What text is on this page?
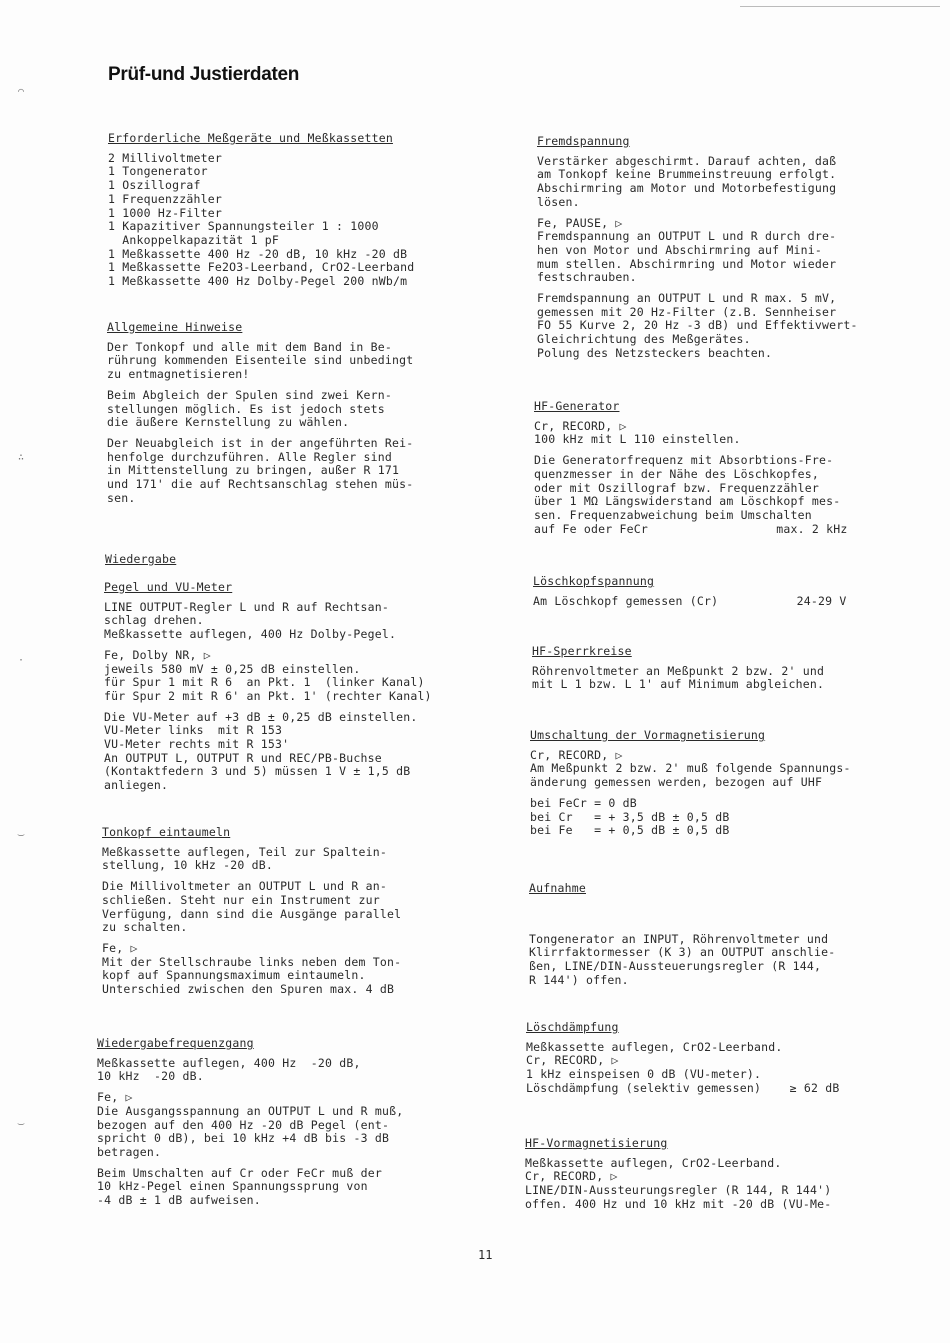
⌒
∴
·
‿
‿
Prüf-und Justierdaten
Erforderliche Meßgeräte und Meßkassetten
2 Millivoltmeter
1 Tongenerator
1 Oszillograf
1 Frequenzzähler
1 1000 Hz-Filter
1 Kapazitiver Spannungsteiler 1 : 1000
Ankoppelkapazität 1 pF
1 Meßkassette 400 Hz -20 dB, 10 kHz -20 dB
1 Meßkassette Fe2O3-Leerband, CrO2-Leerband
1 Meßkassette 400 Hz Dolby-Pegel 200 nWb/m
Allgemeine Hinweise
Der Tonkopf und alle mit dem Band in Be-
rührung kommenden Eisenteile sind unbedingt
zu entmagnetisieren!
Beim Abgleich der Spulen sind zwei Kern-
stellungen möglich. Es ist jedoch stets
die äußere Kernstellung zu wählen.
Der Neuabgleich ist in der angeführten Rei-
henfolge durchzuführen. Alle Regler sind
in Mittenstellung zu bringen, außer R 171
und 171' die auf Rechtsanschlag stehen müs-
sen.
Wiedergabe
Pegel und VU-Meter
LINE OUTPUT-Regler L und R auf Rechtsan-
schlag drehen.
Meßkassette auflegen, 400 Hz Dolby-Pegel.
Fe, Dolby NR, ▷
jeweils 580 mV ± 0,25 dB einstellen.
für Spur 1 mit R 6  an Pkt. 1  (linker Kanal)
für Spur 2 mit R 6' an Pkt. 1' (rechter Kanal)
Die VU-Meter auf +3 dB ± 0,25 dB einstellen.
VU-Meter links  mit R 153
VU-Meter rechts mit R 153'
An OUTPUT L, OUTPUT R und REC/PB-Buchse
(Kontaktfedern 3 und 5) müssen 1 V ± 1,5 dB
anliegen.
Tonkopf eintaumeln
Meßkassette auflegen, Teil zur Spaltein-
stellung, 10 kHz -20 dB.
Die Millivoltmeter an OUTPUT L und R an-
schließen. Steht nur ein Instrument zur
Verfügung, dann sind die Ausgänge parallel
zu schalten.
Fe, ▷
Mit der Stellschraube links neben dem Ton-
kopf auf Spannungsmaximum eintaumeln.
Unterschied zwischen den Spuren max. 4 dB
Wiedergabefrequenzgang
Meßkassette auflegen, 400 Hz  -20 dB,
10 kHz  -20 dB.
Fe, ▷
Die Ausgangsspannung an OUTPUT L und R muß,
bezogen auf den 400 Hz -20 dB Pegel (ent-
spricht 0 dB), bei 10 kHz +4 dB bis -3 dB
betragen.
Beim Umschalten auf Cr oder FeCr muß der
10 kHz-Pegel einen Spannungssprung von
-4 dB ± 1 dB aufweisen.
Fremdspannung
Verstärker abgeschirmt. Darauf achten, daß
am Tonkopf keine Brummeinstreuung erfolgt.
Abschirmring am Motor und Motorbefestigung
lösen.
Fe, PAUSE, ▷
Fremdspannung an OUTPUT L und R durch dre-
hen von Motor und Abschirmring auf Mini-
mum stellen. Abschirmring und Motor wieder
festschrauben.
Fremdspannung an OUTPUT L und R max. 5 mV,
gemessen mit 20 Hz-Filter (z.B. Sennheiser
FO 55 Kurve 2, 20 Hz -3 dB) und Effektivwert-
Gleichrichtung des Meßgerätes.
Polung des Netzsteckers beachten.
HF-Generator
Cr, RECORD, ▷
100 kHz mit L 110 einstellen.
Die Generatorfrequenz mit Absorbtions-Fre-
quenzmesser in der Nähe des Löschkopfes,
oder mit Oszillograf bzw. Frequenzzähler
über 1 MΩ Längswiderstand am Löschkopf mes-
sen. Frequenzabweichung beim Umschalten
auf Fe oder FeCr                  max. 2 kHz
Löschkopfspannung
Am Löschkopf gemessen (Cr)           24-29 V
HF-Sperrkreise
Röhrenvoltmeter an Meßpunkt 2 bzw. 2' und
mit L 1 bzw. L 1' auf Minimum abgleichen.
Umschaltung der Vormagnetisierung
Cr, RECORD, ▷
Am Meßpunkt 2 bzw. 2' muß folgende Spannungs-
änderung gemessen werden, bezogen auf UHF
bei FeCr = 0 dB
bei Cr   = + 3,5 dB ± 0,5 dB
bei Fe   = + 0,5 dB ± 0,5 dB
Aufnahme
Tongenerator an INPUT, Röhrenvoltmeter und
Klirrfaktormesser (K 3) an OUTPUT anschlie-
ßen, LINE/DIN-Aussteuerungsregler (R 144,
R 144') offen.
Löschdämpfung
Meßkassette auflegen, CrO2-Leerband.
Cr, RECORD, ▷
1 kHz einspeisen 0 dB (VU-meter).
Löschdämpfung (selektiv gemessen)    ≥ 62 dB
HF-Vormagnetisierung
Meßkassette auflegen, CrO2-Leerband.
Cr, RECORD, ▷
LINE/DIN-Aussteurungsregler (R 144, R 144')
offen. 400 Hz und 10 kHz mit -20 dB (VU-Me-
11
